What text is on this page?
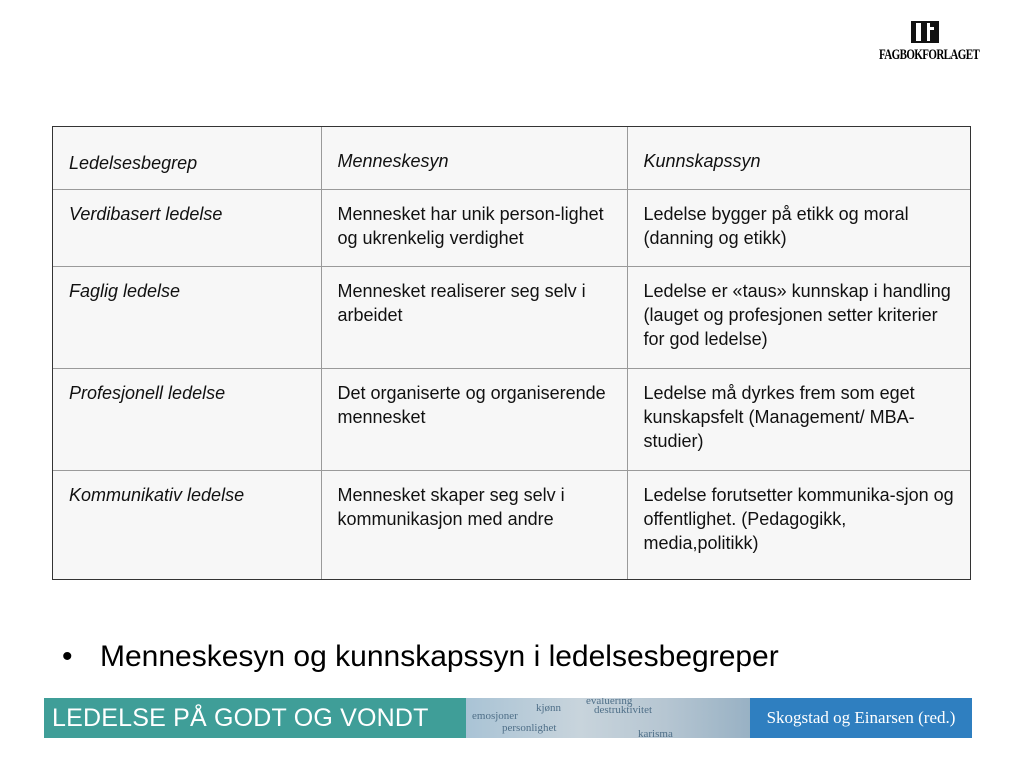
FAGBOKFORLAGET
Ledelsesbegrep	Menneskesyn	Kunnskapssyn
Verdibasert ledelse	Mennesket har unik person-lighet og ukrenkelig verdighet	Ledelse bygger på etikk og moral (danning og etikk)
Faglig ledelse	Mennesket realiserer seg selv i arbeidet	Ledelse er «taus» kunnskap i handling (lauget og profesjonen setter kriterier for god ledelse)
Profesjonell ledelse	Det organiserte og organiserende mennesket	Ledelse må dyrkes frem som eget kunskapsfelt (Management/ MBA-studier)
Kommunikativ ledelse	Mennesket skaper seg selv i kommunikasjon med andre	Ledelse forutsetter kommunika-sjon og offentlighet. (Pedagogikk, media,politikk)
• Menneskesyn og kunnskapssyn i ledelsesbegreper
LEDELSE PÅ GODT OG VONDT
evaluering
kjønn
emosjoner	destruktivitet
personlighet	karisma
Skogstad og Einarsen (red.)
